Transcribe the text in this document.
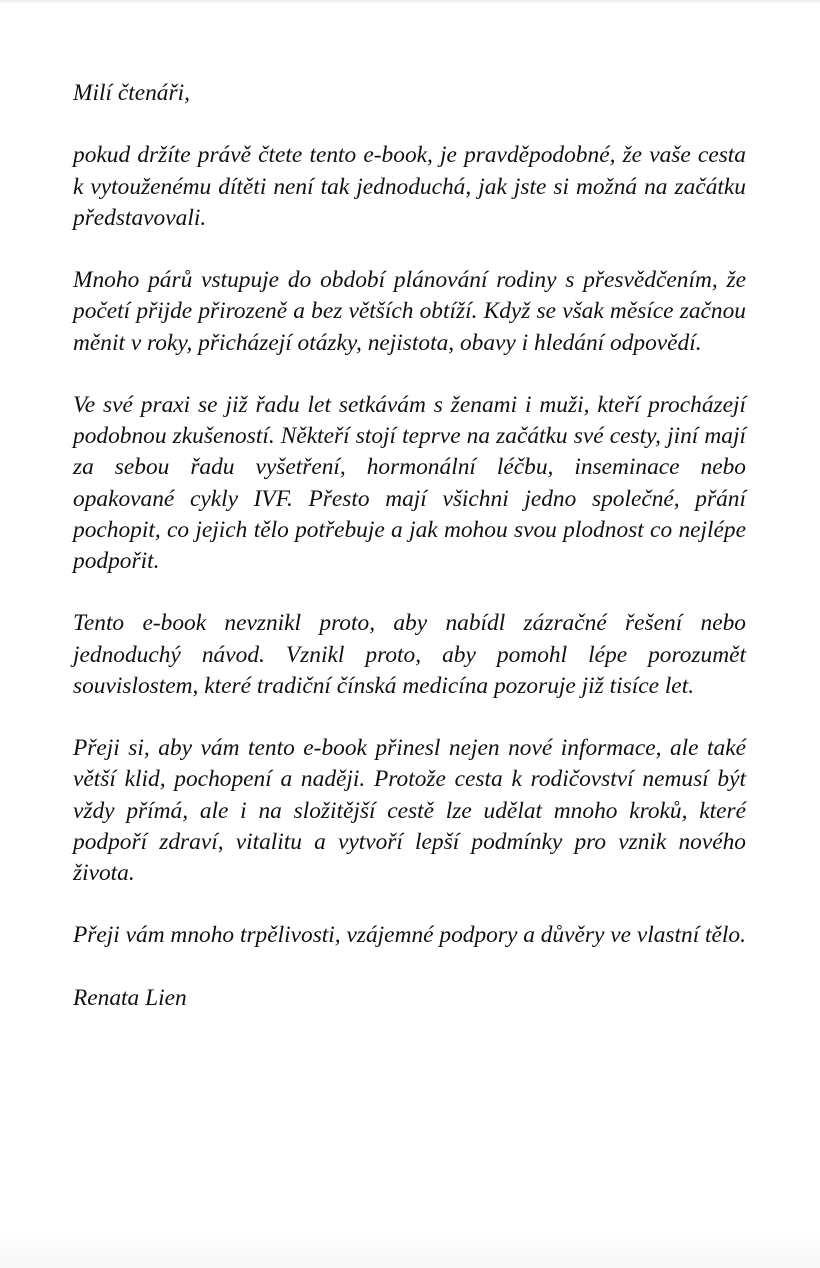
Milí čtenáři,

pokud držíte právě čtete tento e-book, je pravděpodobné, že vaše cesta k vytouženému dítěti není tak jednoduchá, jak jste si možná na začátku představovali.

Mnoho párů vstupuje do období plánování rodiny s přesvědčením, že početí přijde přirozeně a bez větších obtíží. Když se však měsíce začnou měnit v roky, přicházejí otázky, nejistota, obavy i hledání odpovědí.

Ve své praxi se již řadu let setkávám s ženami i muži, kteří procházejí podobnou zkušeností. Někteří stojí teprve na začátku své cesty, jiní mají za sebou řadu vyšetření, hormonální léčbu, inseminace nebo opakované cykly IVF. Přesto mají všichni jedno společné, přání pochopit, co jejich tělo potřebuje a jak mohou svou plodnost co nejlépe podpořit.

Tento e-book nevznikl proto, aby nabídl zázračné řešení nebo jednoduchý návod. Vznikl proto, aby pomohl lépe porozumět souvislostem, které tradiční čínská medicína pozoruje již tisíce let.

Přeji si, aby vám tento e-book přinesl nejen nové informace, ale také větší klid, pochopení a naději. Protože cesta k rodičovství nemusí být vždy přímá, ale i na složitější cestě lze udělat mnoho kroků, které podpoří zdraví, vitalitu a vytvoří lepší podmínky pro vznik nového života.

Přeji vám mnoho trpělivosti, vzájemné podpory a důvěry ve vlastní tělo.

Renata Lien
